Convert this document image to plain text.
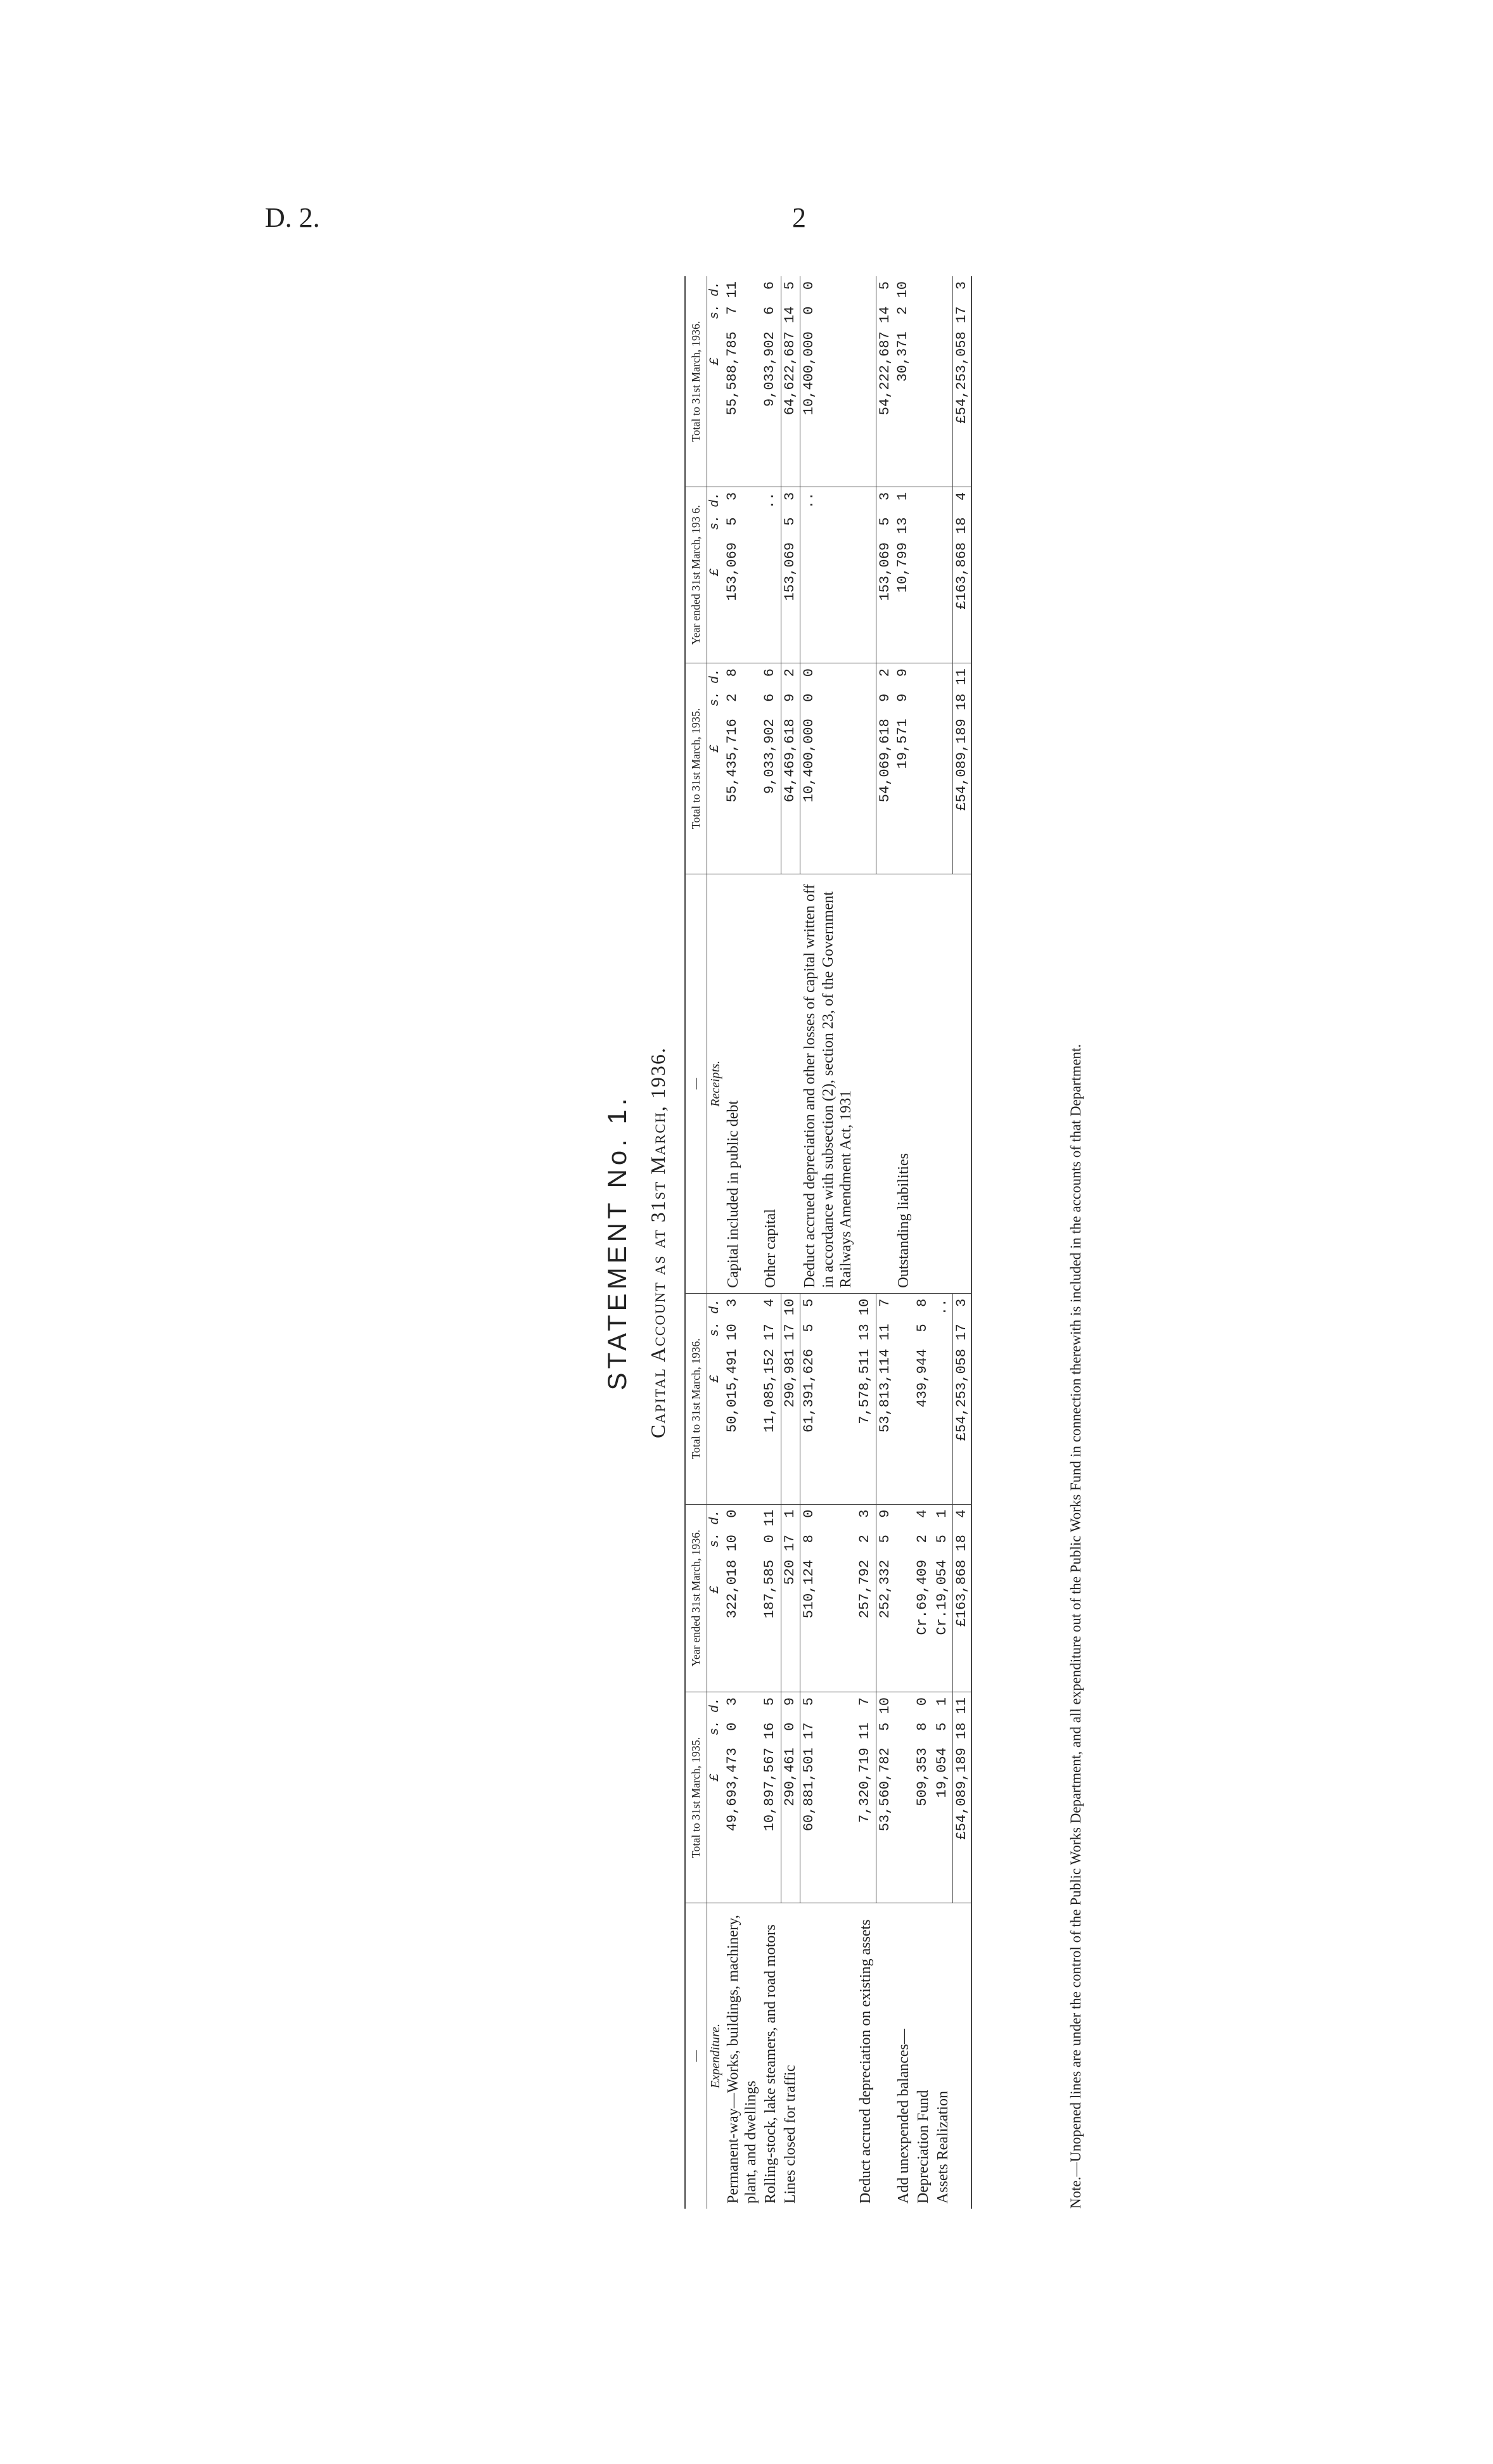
D. 2.	2
STATEMENT No. 1. Capital Account as at 31st March, 1936.
—	Total to 31st March, 1935.	Year ended 31st March, 1936.	Total to 31st March, 1936.	—	Total to 31st March, 1935.	Year ended 31st March, 193 6.	Total to 31st March, 1936.
Expenditure.	£     s. d.	£     s. d.	£     s. d.	Receipts.	£     s. d.	£     s. d.	£     s. d.
Permanent-way—Works, buildings, machinery, plant, and dwellings	49,693,473  0  3	322,018 10  0	50,015,491 10  3	Capital included in public debt	55,435,716  2  8	153,069  5  3	55,588,785  7 11
Rolling-stock, lake steamers, and road motors	10,897,567 16  5	187,585  0 11	11,085,152 17  4	Other capital	9,033,902  6  6	..	9,033,902  6  6
Lines closed for traffic	290,461  0  9	520 17  1	290,981 17 10		64,469,618  9  2	153,069  5  3	64,622,687 14  5
	60,881,501 17  5	510,124  8  0	61,391,626  5  5	Deduct accrued depreciation and other losses of capital written off in accordance with subsection (2), section 23, of the Government Railways Amendment Act, 1931	10,400,000  0  0	..	10,400,000  0  0
Deduct accrued depreciation on existing assets	7,320,719 11  7	257,792  2  3	7,578,511 13 10				
	53,560,782  5 10	252,332  5  9	53,813,114 11  7		54,069,618  9  2	153,069  5  3	54,222,687 14  5
Add unexpended balances—				Outstanding liabilities	19,571  9  9	10,799 13  1	30,371  2 10
Depreciation Fund	509,353  8  0	Cr.69,409  2  4	439,944  5  8				
Assets Realization	19,054  5  1	Cr.19,054  5  1	..				
	£54,089,189 18 11	£163,868 18  4	£54,253,058 17  3		£54,089,189 18 11	£163,868 18  4	£54,253,058 17  3
Note.—Unopened lines are under the control of the Public Works Department, and all expenditure out of the Public Works Fund in connection therewith is included in the accounts of that Department.
